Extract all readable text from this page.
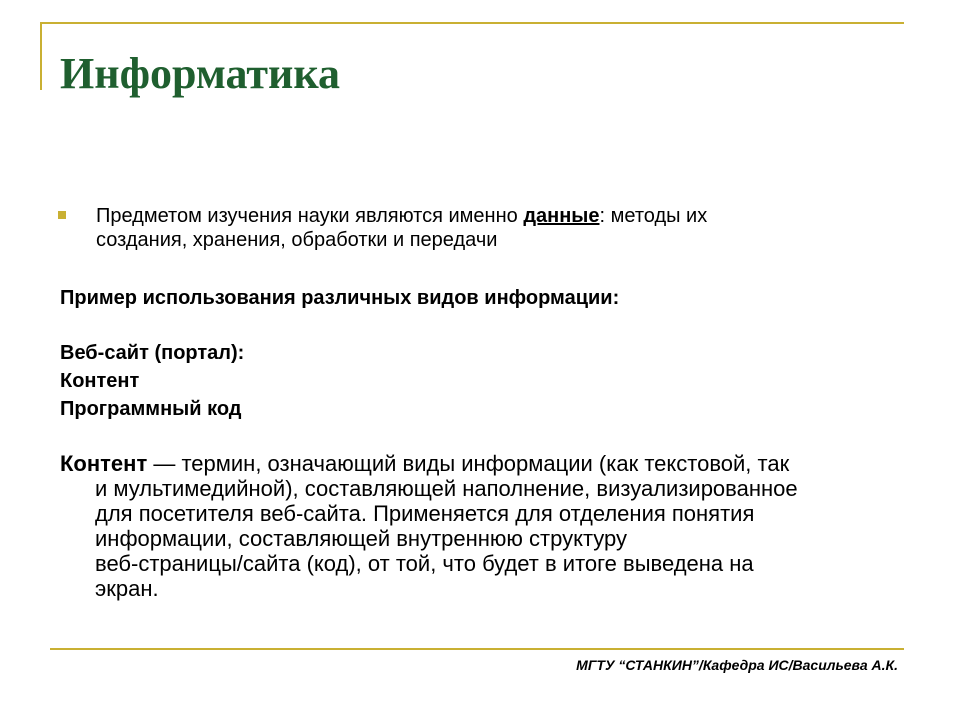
Информатика

Предметом изучения науки являются именно данные: методы их
создания, хранения, обработки и передачи

Пример использования различных видов информации:

Веб-сайт (портал):

Контент

Программный код

Контент — термин, означающий виды информации (как текстовой, так
и мультимедийной), составляющей наполнение, визуализированное
для посетителя веб-сайта. Применяется для отделения понятия
информации, составляющей внутреннюю структуру
веб-страницы/сайта (код), от той, что будет в итоге выведена на
экран.

МГТУ “СТАНКИН”/Кафедра ИС/Васильева А.К.
